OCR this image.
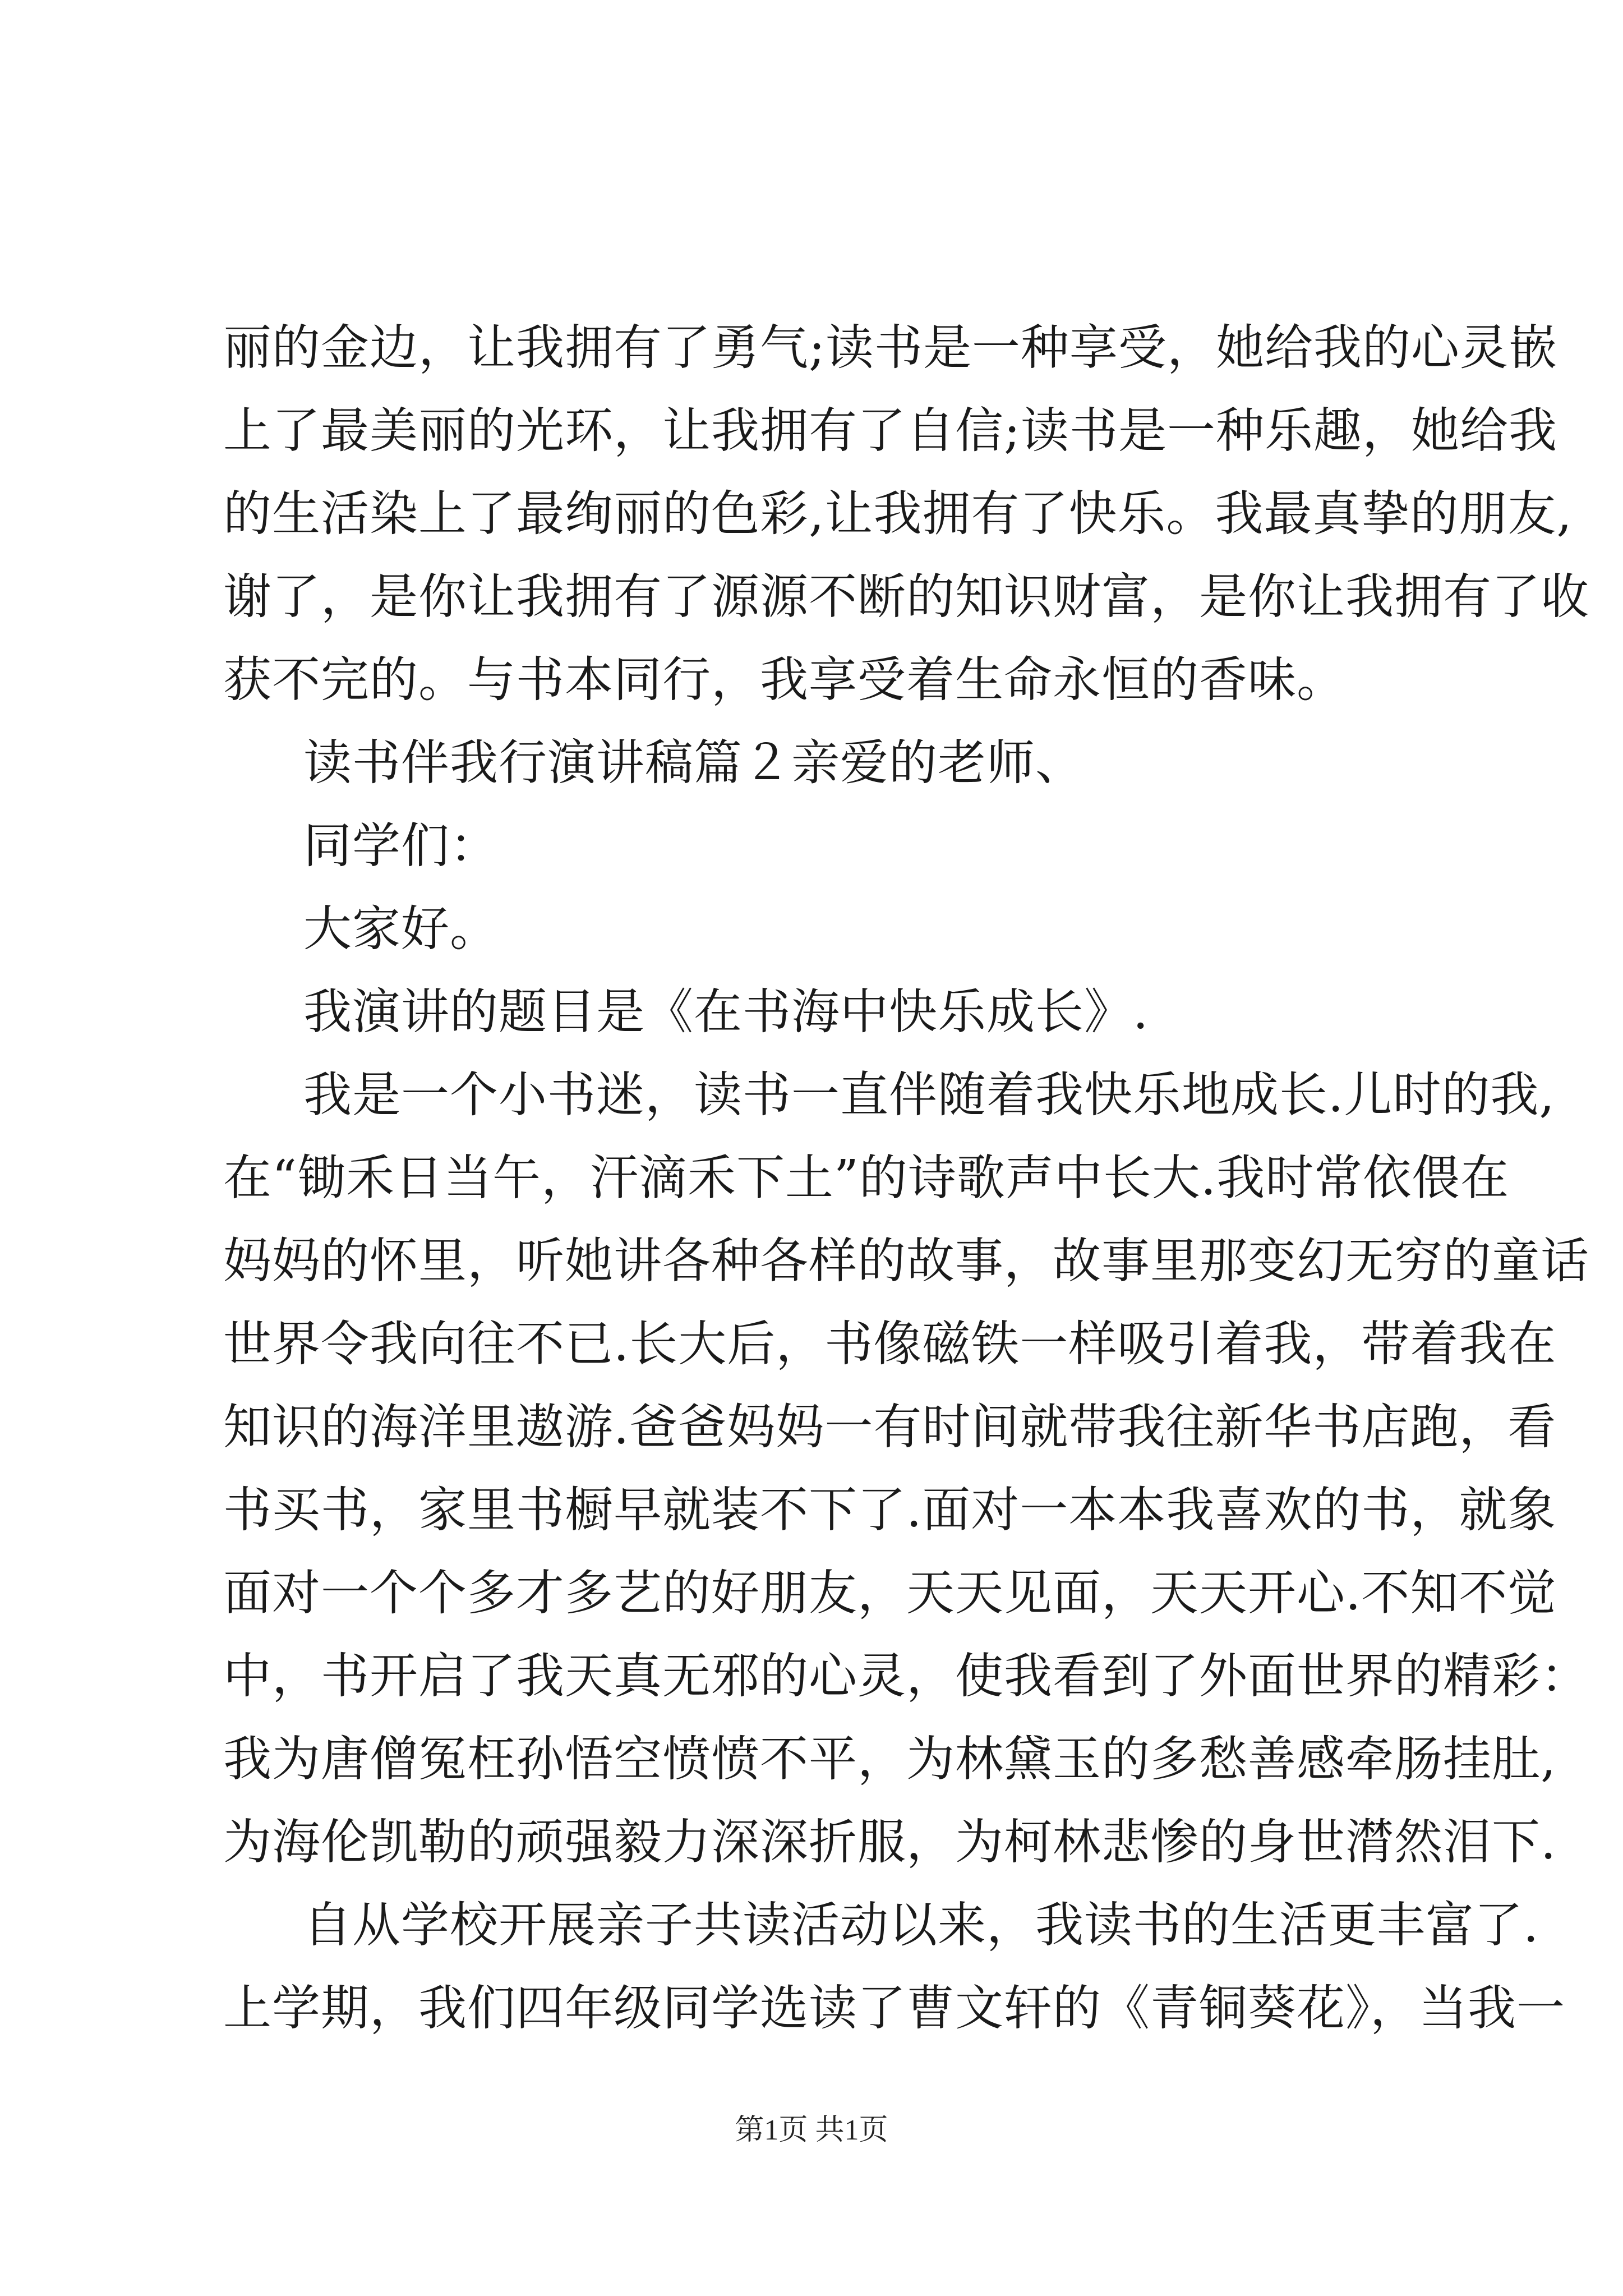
丽的金边，让我拥有了勇气;读书是一种享受，她给我的心灵嵌
上了最美丽的光环，让我拥有了自信;读书是一种乐趣，她给我
的生活染上了最绚丽的色彩,让我拥有了快乐。我最真挚的朋友,
谢了，是你让我拥有了源源不断的知识财富，是你让我拥有了收
获不完的。与书本同行，我享受着生命永恒的香味。
读书伴我行演讲稿篇２亲爱的老师、
同学们：
大家好。
我演讲的题目是《在书海中快乐成长》.
我是一个小书迷，读书一直伴随着我快乐地成长.儿时的我,
在“锄禾日当午，汗滴禾下土”的诗歌声中长大.我时常依偎在
妈妈的怀里，听她讲各种各样的故事，故事里那变幻无穷的童话
世界令我向往不已.长大后，书像磁铁一样吸引着我，带着我在
知识的海洋里遨游.爸爸妈妈一有时间就带我往新华书店跑，看
书买书，家里书橱早就装不下了.面对一本本我喜欢的书，就象
面对一个个多才多艺的好朋友，天天见面，天天开心.不知不觉
中，书开启了我天真无邪的心灵，使我看到了外面世界的精彩：
我为唐僧冤枉孙悟空愤愤不平，为林黛玉的多愁善感牵肠挂肚,
为海伦凯勒的顽强毅力深深折服，为柯林悲惨的身世潸然泪下.
自从学校开展亲子共读活动以来，我读书的生活更丰富了.
上学期，我们四年级同学选读了曹文轩的《青铜葵花》，当我一
第1页 共1页
